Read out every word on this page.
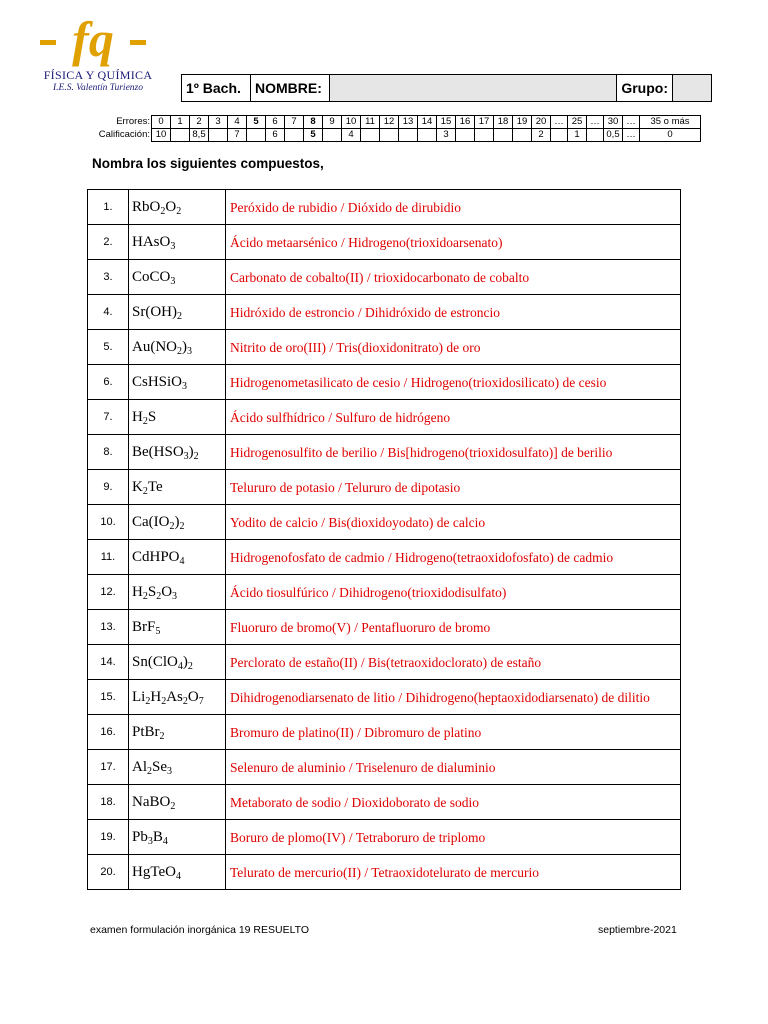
fq
FÍSICA Y QUÍMICA
I.E.S. Valentín Turienzo	1º Bach.	NOMBRE:		Grupo:	
Errores:	0	1	2	3	4	5	6	7	8	9	10	11	12	13	14	15	16	17	18	19	20	…	25	…	30	…	35 o más
Calificación:	10		8,5		7		6		5		4					3					2		1		0,5	…	0
Nombra los siguientes compuestos,
1.	$RbO_2O_2$	Peróxido de rubidio / Dióxido de dirubidio
2.	HAsO$_3$	Ácido metaarsénico / Hidrogeno(trioxidoarsenato)
3.	CoCO$_3$	Carbonato de cobalto(II) / trioxidocarbonato de cobalto
4.	$Sr(OH)_2$	Hidróxido de estroncio / Dihidróxido de estroncio
5.	$Au(NO_2)_3$	Nitrito de oro(III) / Tris(dioxidonitrato) de oro
6.	CsHSiO$_3$	Hidrogenometasilicato de cesio / Hidrogeno(trioxidosilicato) de cesio
7.	$H_2S$	Ácido sulfhídrico / Sulfuro de hidrógeno
8.	$Be(HSO_3)_2$	Hidrogenosulfito de berilio / Bis[hidrogeno(trioxidosulfato)] de berilio
9.	$K_2Te$	Telururo de potasio / Telururo de dipotasio
10.	$Ca(IO_2)_2$	Yodito de calcio / Bis(dioxidoyodato) de calcio
11.	CdHPO$_4$	Hidrogenofosfato de cadmio / Hidrogeno(tetraoxidofosfato) de cadmio
12.	$H_2S_2O_3$	Ácido tiosulfúrico / Dihidrogeno(trioxidodisulfato)
13.	BrF$_5$	Fluoruro de bromo(V) / Pentafluoruro de bromo
14.	$Sn(ClO_4)_2$	Perclorato de estaño(II) / Bis(tetraoxidoclorato) de estaño
15.	$Li_2H_2As_2O_7$	Dihidrogenodiarsenato de litio / Dihidrogeno(heptaoxidodiarsenato) de dilitio
16.	PtBr$_2$	Bromuro de platino(II) / Dibromuro de platino
17.	$Al_2Se_3$	Selenuro de aluminio / Triselenuro de dialuminio
18.	NaBO$_2$	Metaborato de sodio / Dioxidoborato de sodio
19.	$Pb_3B_4$	Boruro de plomo(IV) / Tetraboruro de triplomo
20.	HgTeO$_4$	Telurato de mercurio(II) / Tetraoxidotelurato de mercurio
examen formulación inorgánica 19 RESUELTO	septiembre-2021
